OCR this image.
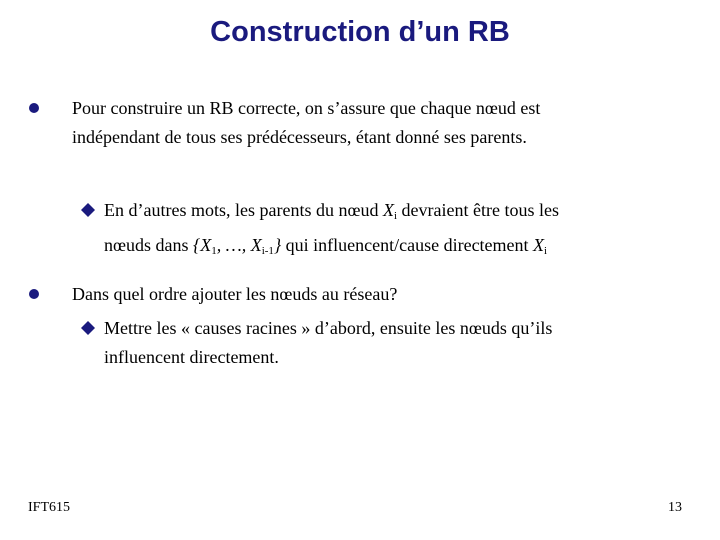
Construction d’un RB
Pour construire un RB correcte, on s’assure que chaque nœud est
indépendant de tous ses prédécesseurs, étant donné ses parents.
En d’autres mots, les parents du nœud $X_i$ devraient être tous les
nœuds dans {$X_1$, …, $X_{i-1}$} qui influencent/cause directement $X_i$
Dans quel ordre ajouter les nœuds au réseau?
Mettre les « causes racines » d’abord, ensuite les nœuds qu’ils
influencent directement.
IFT615	13
